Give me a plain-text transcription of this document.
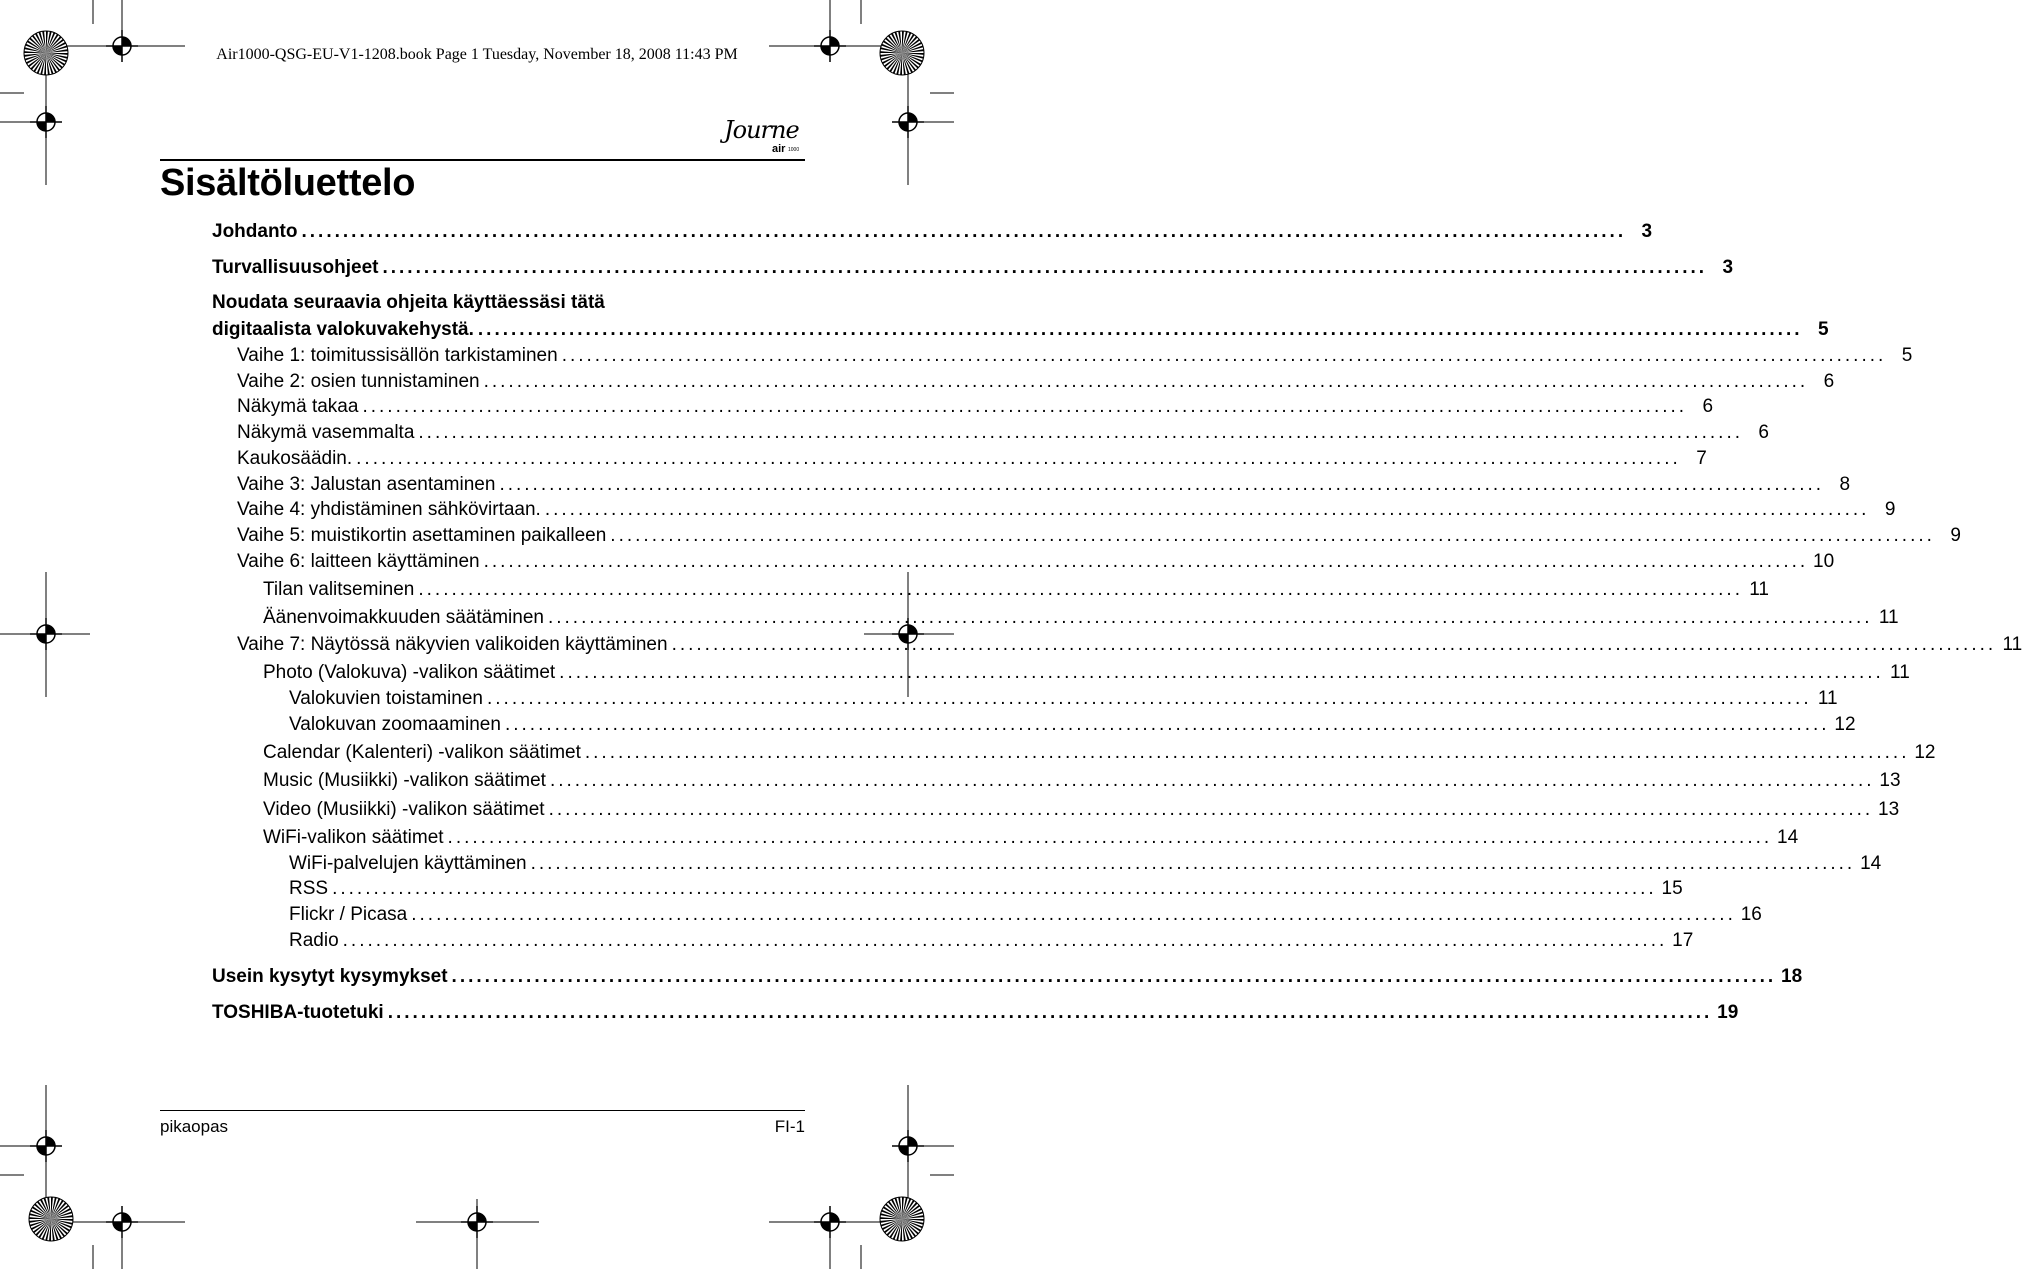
Air1000-QSG-EU-V1-1208.book Page 1 Tuesday, November 18, 2008 11:43 PM
Journe
air 1000
Sisältöluettelo
Johdanto ................................................................................................................................................................ 3
Turvallisuusohjeet ................................................................................................................................................................ 3
Noudata seuraavia ohjeita käyttäessäsi tätä
digitaalista valokuvakehystä. ................................................................................................................................................................ 5
Vaihe 1: toimitussisällön tarkistaminen ................................................................................................................................................................ 5
Vaihe 2: osien tunnistaminen ................................................................................................................................................................ 6
Näkymä takaa ................................................................................................................................................................ 6
Näkymä vasemmalta ................................................................................................................................................................ 6
Kaukosäädin. ................................................................................................................................................................ 7
Vaihe 3: Jalustan asentaminen ................................................................................................................................................................ 8
Vaihe 4: yhdistäminen sähkövirtaan. ................................................................................................................................................................ 9
Vaihe 5: muistikortin asettaminen paikalleen ................................................................................................................................................................ 9
Vaihe 6: laitteen käyttäminen ................................................................................................................................................................ 10
Tilan valitseminen ................................................................................................................................................................ 11
Äänenvoimakkuuden säätäminen ................................................................................................................................................................ 11
Vaihe 7: Näytössä näkyvien valikoiden käyttäminen ................................................................................................................................................................ 11
Photo (Valokuva) -valikon säätimet ................................................................................................................................................................ 11
Valokuvien toistaminen ................................................................................................................................................................ 11
Valokuvan zoomaaminen ................................................................................................................................................................ 12
Calendar (Kalenteri) -valikon säätimet ................................................................................................................................................................ 12
Music (Musiikki) -valikon säätimet ................................................................................................................................................................ 13
Video (Musiikki) -valikon säätimet ................................................................................................................................................................ 13
WiFi-valikon säätimet ................................................................................................................................................................ 14
WiFi-palvelujen käyttäminen ................................................................................................................................................................ 14
RSS ................................................................................................................................................................ 15
Flickr / Picasa ................................................................................................................................................................ 16
Radio ................................................................................................................................................................ 17
Usein kysytyt kysymykset ................................................................................................................................................................ 18
TOSHIBA-tuotetuki ................................................................................................................................................................ 19
pikaopas	FI-1
